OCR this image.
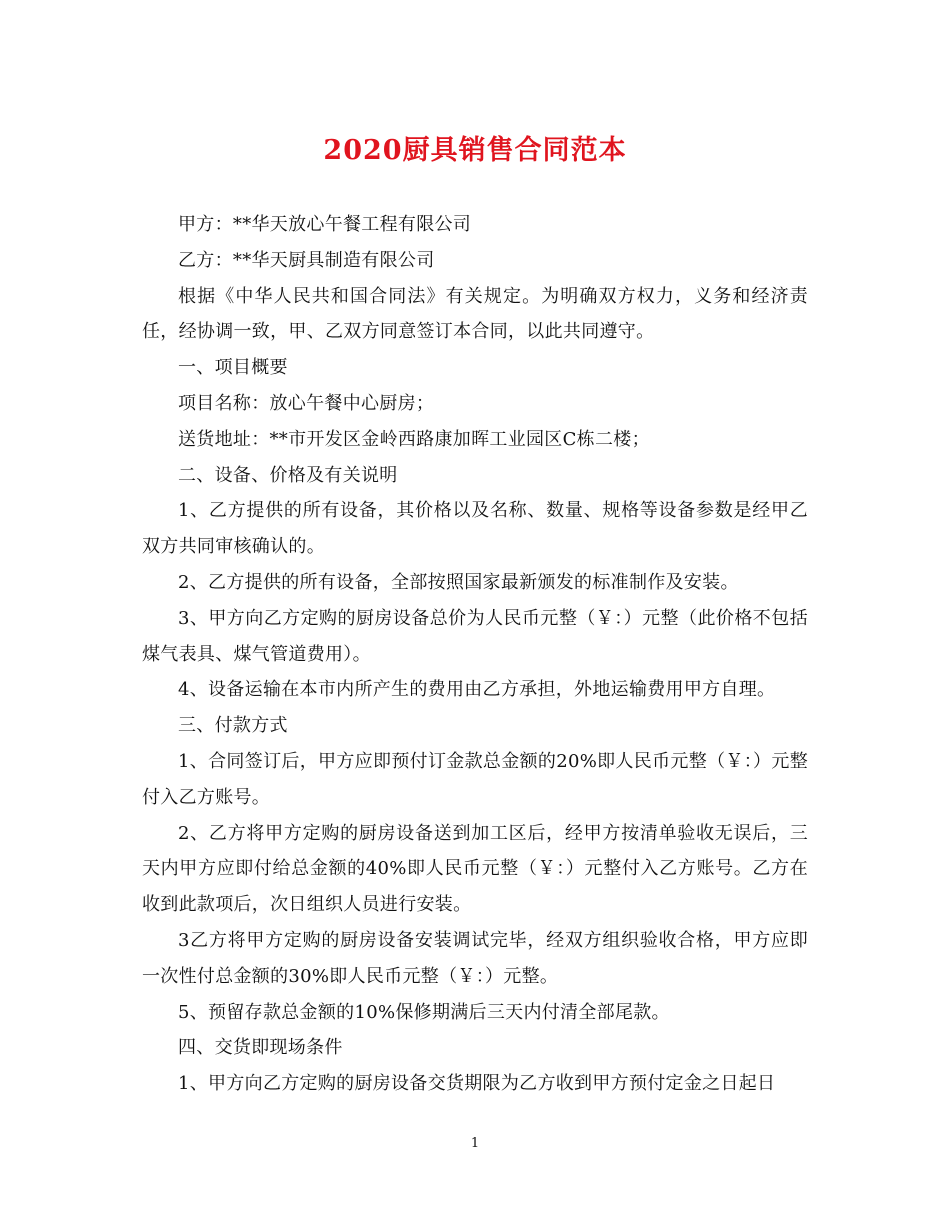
2020厨具销售合同范本

甲方：**华天放心午餐工程有限公司

乙方：**华天厨具制造有限公司

根据《中华人民共和国合同法》有关规定。为明确双方权力，义务和经济责任，经协调一致，甲、乙双方同意签订本合同，以此共同遵守。

一、项目概要

项目名称：放心午餐中心厨房；

送货地址：**市开发区金岭西路康加晖工业园区C栋二楼；

二、设备、价格及有关说明

1、乙方提供的所有设备，其价格以及名称、数量、规格等设备参数是经甲乙双方共同审核确认的。

2、乙方提供的所有设备，全部按照国家最新颁发的标准制作及安装。

3、甲方向乙方定购的厨房设备总价为人民币元整（￥：）元整（此价格不包括煤气表具、煤气管道费用）。

4、设备运输在本市内所产生的费用由乙方承担，外地运输费用甲方自理。

三、付款方式

1、合同签订后，甲方应即预付订金款总金额的20%即人民币元整（￥：）元整付入乙方账号。

2、乙方将甲方定购的厨房设备送到加工区后，经甲方按清单验收无误后，三天内甲方应即付给总金额的40%即人民币元整（￥：）元整付入乙方账号。乙方在收到此款项后，次日组织人员进行安装。

3乙方将甲方定购的厨房设备安装调试完毕，经双方组织验收合格，甲方应即一次性付总金额的30%即人民币元整（￥：）元整。

5、预留存款总金额的10%保修期满后三天内付清全部尾款。

四、交货即现场条件

1、甲方向乙方定购的厨房设备交货期限为乙方收到甲方预付定金之日起日

1
